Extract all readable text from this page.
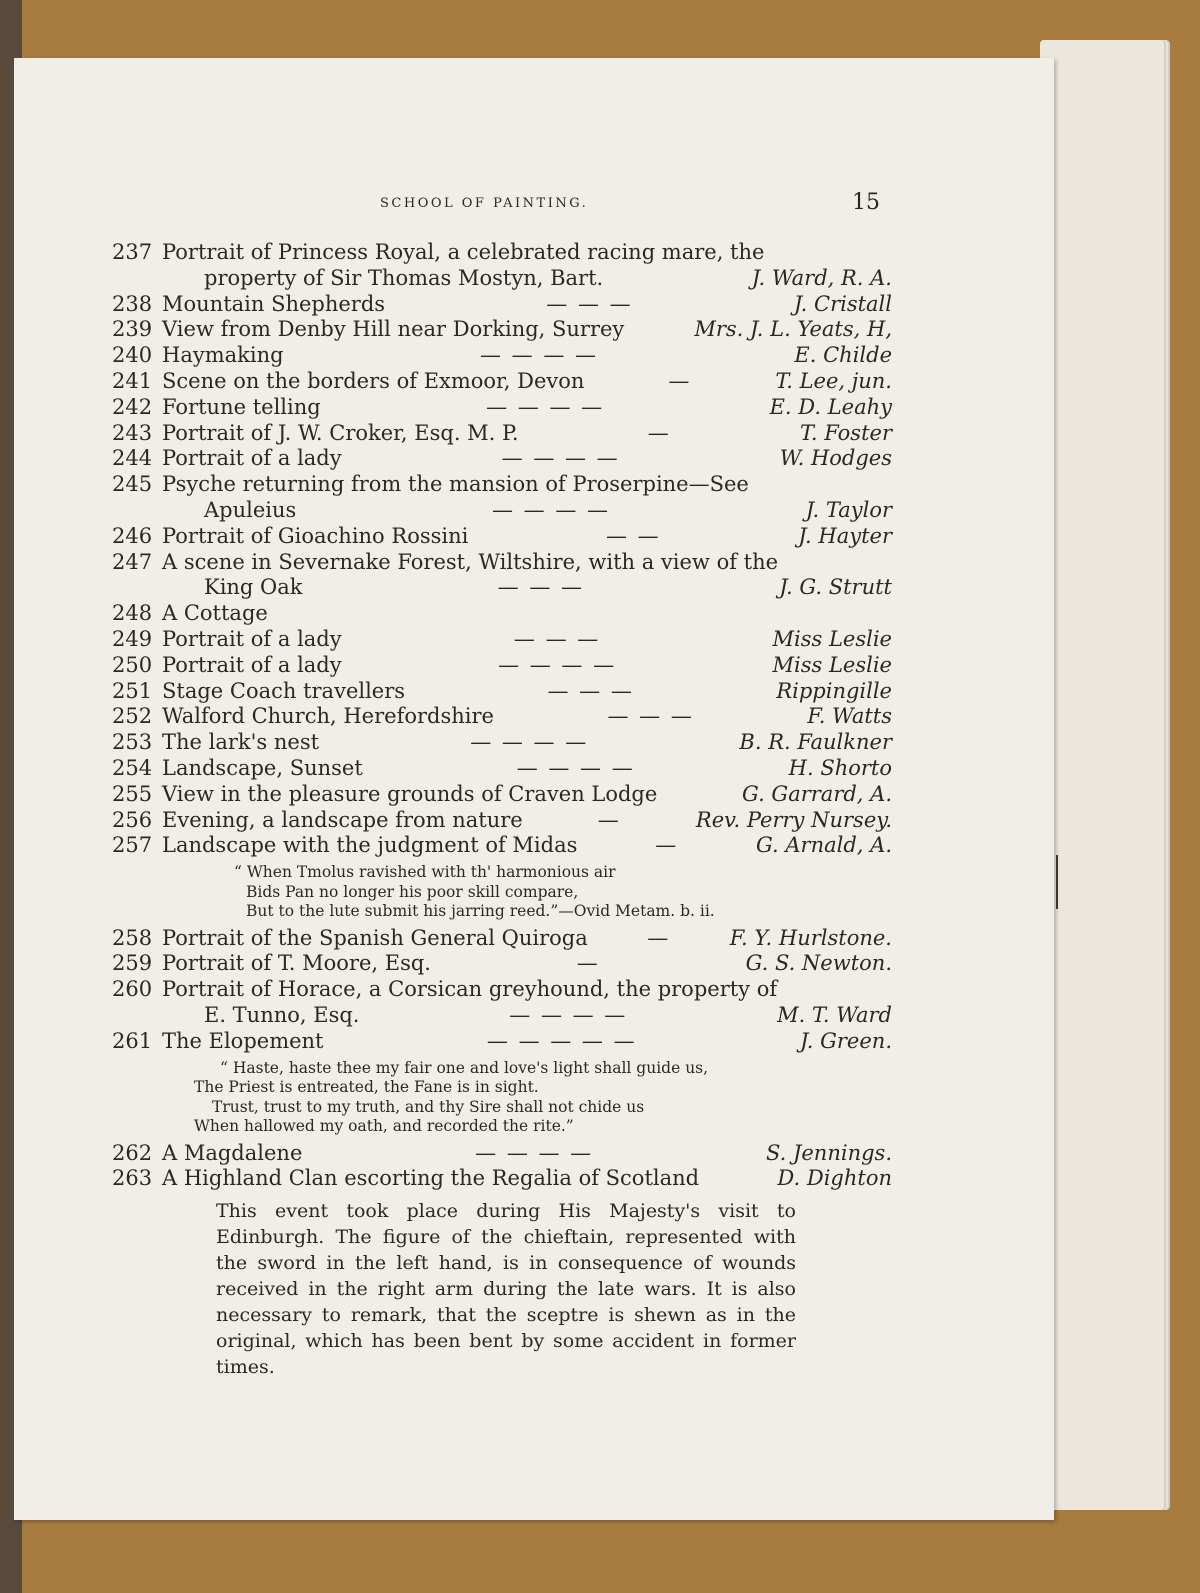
SCHOOL OF PAINTING.	15
237 Portrait of Princess Royal, a celebrated racing mare, the
property of Sir Thomas Mostyn, Bart.	J. Ward, R. A.
238 Mountain Shepherds	— — —	J. Cristall
239 View from Denby Hill near Dorking, Surrey	Mrs. J. L. Yeats, H,
240 Haymaking	— — — —	E. Childe
241 Scene on the borders of Exmoor, Devon	—	T. Lee, jun.
242 Fortune telling	— — — —	E. D. Leahy
243 Portrait of J. W. Croker, Esq. M. P.	—	T. Foster
244 Portrait of a lady	— — — —	W. Hodges
245 Psyche returning from the mansion of Proserpine—See
Apuleius	— — — —	J. Taylor
246 Portrait of Gioachino Rossini	— —	J. Hayter
247 A scene in Severnake Forest, Wiltshire, with a view of the
King Oak	— — —	J. G. Strutt
248 A Cottage
249 Portrait of a lady	— — —	Miss Leslie
250 Portrait of a lady	— — — —	Miss Leslie
251 Stage Coach travellers	— — —	Rippingille
252 Walford Church, Herefordshire	— — —	F. Watts
253 The lark's nest	— — — —	B. R. Faulkner
254 Landscape, Sunset	— — — —	H. Shorto
255 View in the pleasure grounds of Craven Lodge	G. Garrard, A.
256 Evening, a landscape from nature	—	Rev. Perry Nursey.
257 Landscape with the judgment of Midas	—	G. Arnald, A.
“ When Tmolus ravished with th' harmonious air
Bids Pan no longer his poor skill compare,
But to the lute submit his jarring reed.”—Ovid Metam. b. ii.
258 Portrait of the Spanish General Quiroga	—	F. Y. Hurlstone.
259 Portrait of T. Moore, Esq.	—	G. S. Newton.
260 Portrait of Horace, a Corsican greyhound, the property of
E. Tunno, Esq.	— — — —	M. T. Ward
261 The Elopement	— — — — —	J. Green.
“ Haste, haste thee my fair one and love's light shall guide us,
The Priest is entreated, the Fane is in sight.
Trust, trust to my truth, and thy Sire shall not chide us
When hallowed my oath, and recorded the rite.”
262 A Magdalene	— — — —	S. Jennings.
263 A Highland Clan escorting the Regalia of Scotland	D. Dighton

This event took place during His Majesty's visit to Edinburgh. The figure of the chieftain, represented with the sword in the left hand, is in consequence of wounds received in the right arm during the late wars. It is also necessary to remark, that the sceptre is shewn as in the original, which has been bent by some accident in former times.
